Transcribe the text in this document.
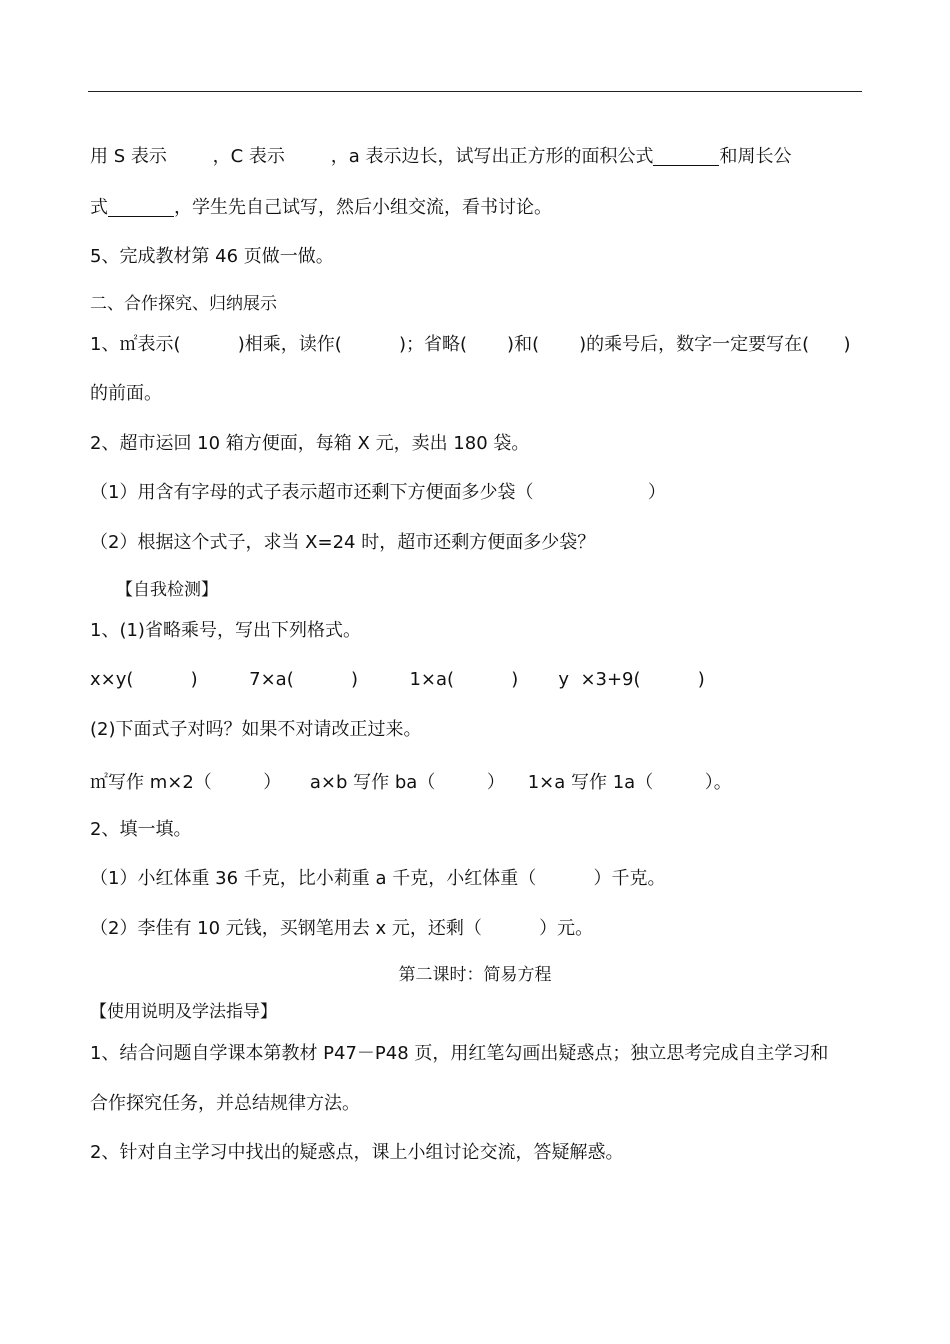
用 S 表示        ，C 表示        ，a 表示边长，试写出正方形的面积公式	和周长公
式	，学生先自己试写，然后小组交流，看书讨论。
5、完成教材第 46 页做一做。
二、合作探究、归纳展示
1、㎡表示(          )相乘，读作(          )；省略(       )和(       )的乘号后，数字一定要写在(      )
的前面。
2、超市运回 10 箱方便面，每箱 X 元，卖出 180 袋。
（1）用含有字母的式子表示超市还剩下方便面多少袋（                    ）
（2）根据这个式子，求当 X=24 时，超市还剩方便面多少袋？
【自我检测】
1、(1)省略乘号，写出下列格式。
x×y(          )         7×a(          )         1×a(          )       y  ×3+9(          )
(2)下面式子对吗？如果不对请改正过来。
㎡写作 m×2（         ）     a×b 写作 ba（         ）    1×a 写作 1a（         ）。
2、填一填。
（1）小红体重 36 千克，比小莉重 a 千克，小红体重（          ）千克。
（2）李佳有 10 元钱，买钢笔用去 x 元，还剩（          ）元。
第二课时：简易方程
【使用说明及学法指导】
1、结合问题自学课本第教材 P47－P48 页，用红笔勾画出疑惑点；独立思考完成自主学习和
合作探究任务，并总结规律方法。
2、针对自主学习中找出的疑惑点，课上小组讨论交流，答疑解惑。
